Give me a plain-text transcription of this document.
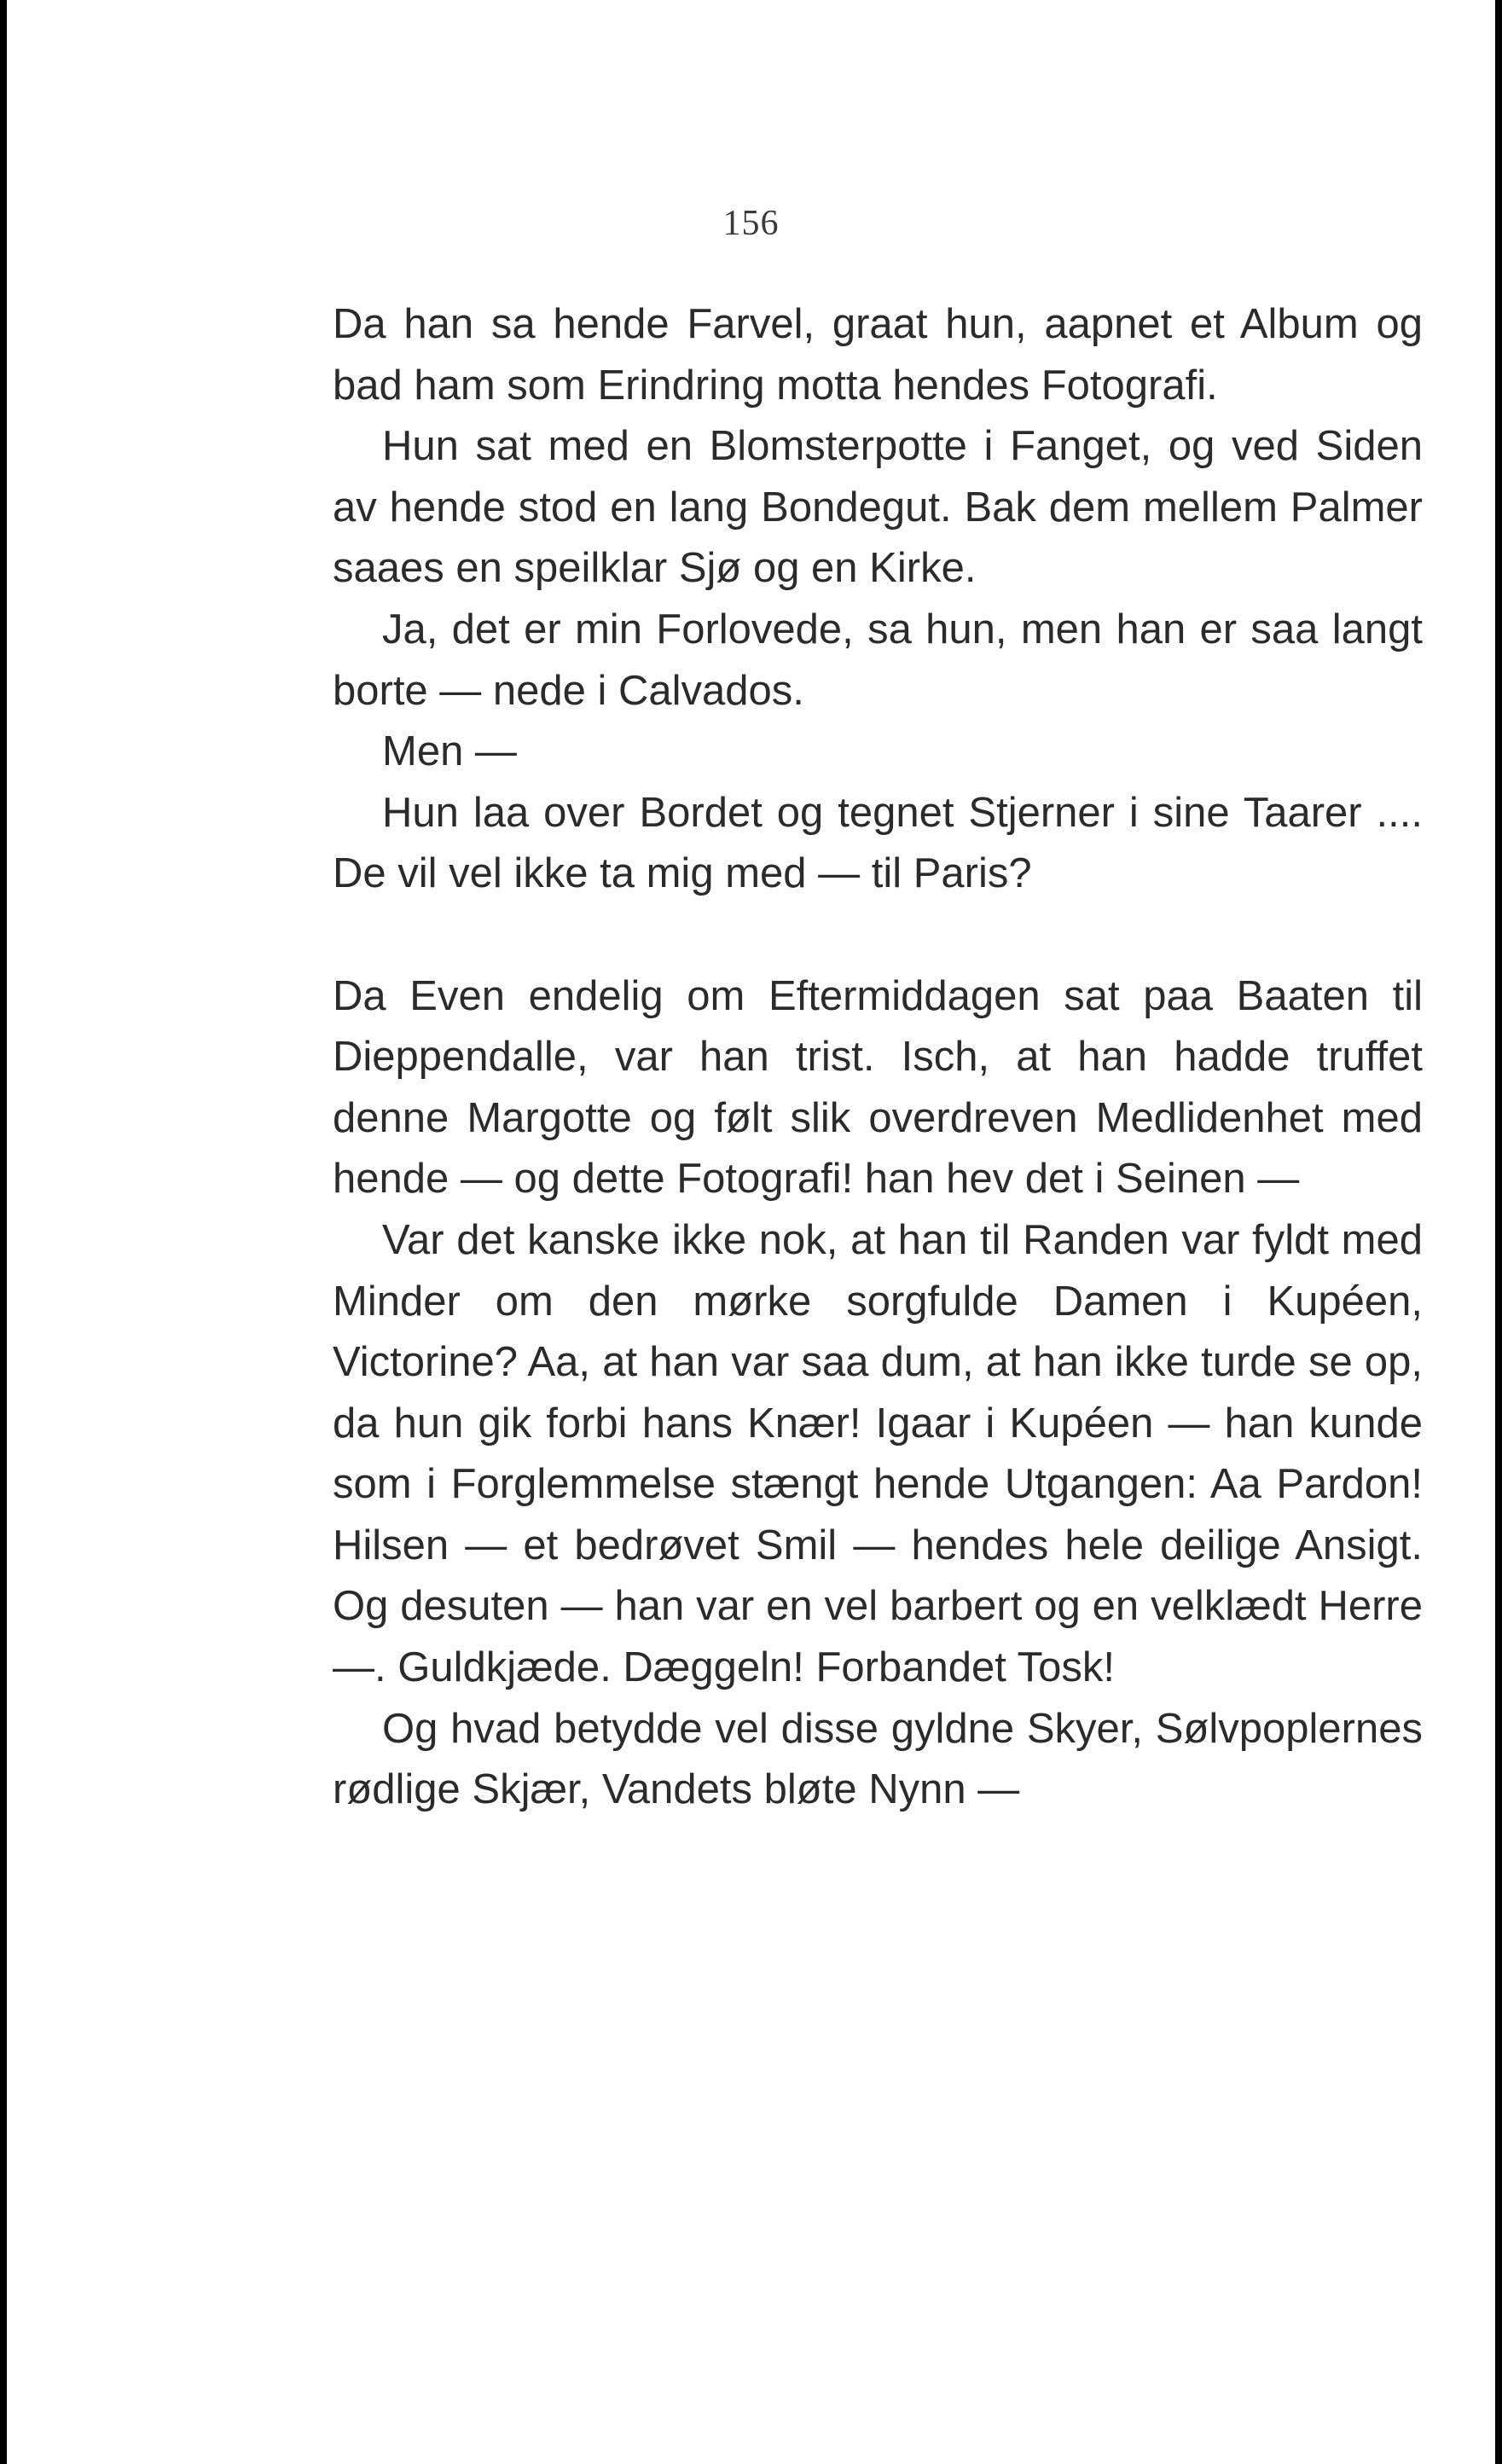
156

Da han sa hende Farvel, graat hun, aapnet et Album og bad ham som Erindring motta hendes Fotografi.

Hun sat med en Blomsterpotte i Fanget, og ved Siden av hende stod en lang Bondegut. Bak dem mellem Palmer saaes en speilklar Sjø og en Kirke.

Ja, det er min Forlovede, sa hun, men han er saa langt borte — nede i Calvados.

Men —

Hun laa over Bordet og tegnet Stjerner i sine Taarer .... De vil vel ikke ta mig med — til Paris?

Da Even endelig om Eftermiddagen sat paa Baaten til Dieppendalle, var han trist. Isch, at han hadde truffet denne Margotte og følt slik overdreven Medlidenhet med hende — og dette Fotografi! han hev det i Seinen —

Var det kanske ikke nok, at han til Randen var fyldt med Minder om den mørke sorgfulde Damen i Kupéen, Victorine? Aa, at han var saa dum, at han ikke turde se op, da hun gik forbi hans Knær! Igaar i Kupéen — han kunde som i Forglemmelse stængt hende Utgangen: Aa Pardon! Hilsen — et bedrøvet Smil — hendes hele deilige Ansigt. Og desuten — han var en vel barbert og en velklædt Herre —. Guldkjæde. Dæggeln! Forbandet Tosk!

Og hvad betydde vel disse gyldne Skyer, Sølvpoplernes rødlige Skjær, Vandets bløte Nynn —
